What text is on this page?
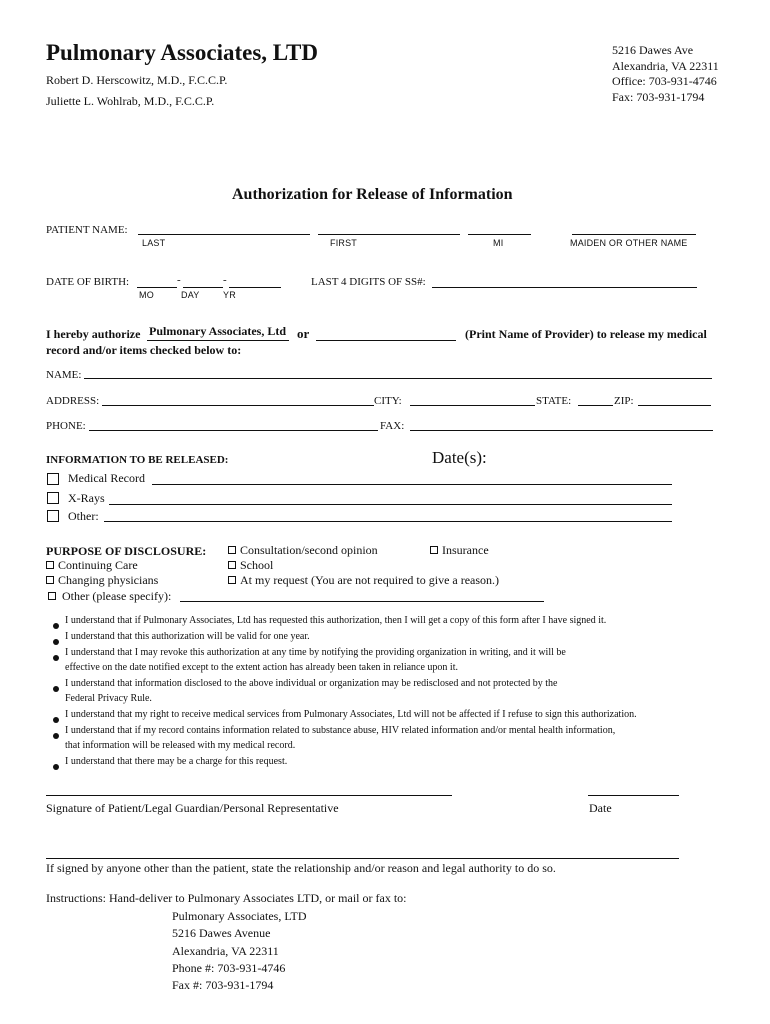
Pulmonary Associates, LTD
Robert D. Herscowitz, M.D., F.C.C.P.
Juliette L. Wohlrab, M.D., F.C.C.P.
5216 Dawes Ave
Alexandria, VA 22311
Office: 703-931-4746
Fax: 703-931-1794
Authorization for Release of Information
PATIENT NAME:
LAST	FIRST	MI	MAIDEN OR OTHER NAME
DATE OF BIRTH:	-	-
MO	DAY	YR
LAST 4 DIGITS OF SS#:
I hereby authorize Pulmonary Associates, Ltd or	(Print Name of Provider) to release my medical
record and/or items checked below to:
NAME:
ADDRESS:	CITY:	STATE:	ZIP:
PHONE:	FAX:
INFORMATION TO BE RELEASED:	Date(s):
Medical Record
X-Rays
Other:
PURPOSE OF DISCLOSURE:	Consultation/second opinion	Insurance
Continuing Care	School
Changing physicians	At my request (You are not required to give a reason.)
Other (please specify):
I understand that if Pulmonary Associates, Ltd has requested this authorization, then I will get a copy of this form after I have signed it.
I understand that this authorization will be valid for one year.
I understand that I may revoke this authorization at any time by notifying the providing organization in writing, and it will be
effective on the date notified except to the extent action has already been taken in reliance upon it.
I understand that information disclosed to the above individual or organization may be redisclosed and not protected by the
Federal Privacy Rule.
I understand that my right to receive medical services from Pulmonary Associates, Ltd will not be affected if I refuse to sign this authorization.
I understand that if my record contains information related to substance abuse, HIV related information and/or mental health information,
that information will be released with my medical record.
I understand that there may be a charge for this request.
Signature of Patient/Legal Guardian/Personal Representative	Date
If signed by anyone other than the patient, state the relationship and/or reason and legal authority to do so.
Instructions: Hand-deliver to Pulmonary Associates LTD, or mail or fax to:
Pulmonary Associates, LTD
5216 Dawes Avenue
Alexandria, VA 22311
Phone #: 703-931-4746
Fax #: 703-931-1794
